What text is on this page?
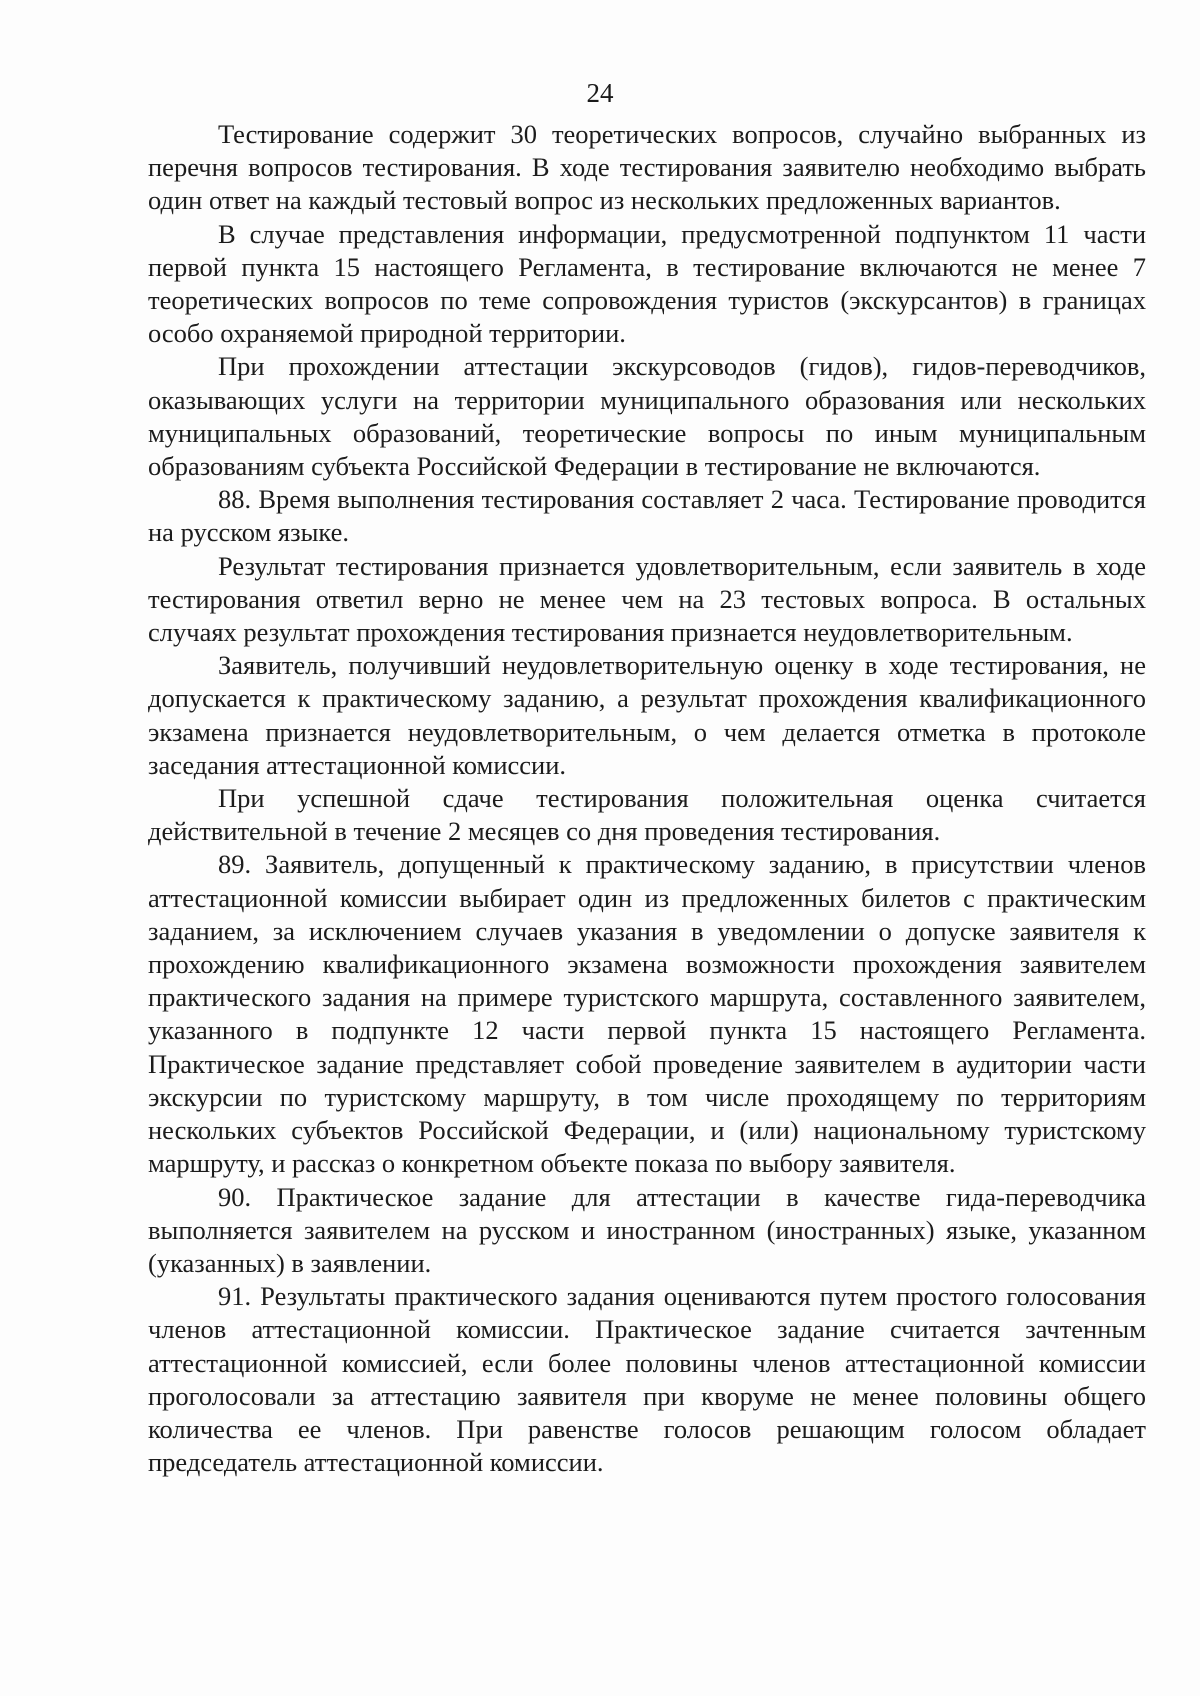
24

Тестирование содержит 30 теоретических вопросов, случайно выбранных из перечня вопросов тестирования. В ходе тестирования заявителю необходимо выбрать один ответ на каждый тестовый вопрос из нескольких предложенных вариантов.

В случае представления информации, предусмотренной подпунктом 11 части первой пункта 15 настоящего Регламента, в тестирование включаются не менее 7 теоретических вопросов по теме сопровождения туристов (экскурсантов) в границах особо охраняемой природной территории.

При прохождении аттестации экскурсоводов (гидов), гидов-переводчиков, оказывающих услуги на территории муниципального образования или нескольких муниципальных образований, теоретические вопросы по иным муниципальным образованиям субъекта Российской Федерации в тестирование не включаются.

88. Время выполнения тестирования составляет 2 часа. Тестирование проводится на русском языке.

Результат тестирования признается удовлетворительным, если заявитель в ходе тестирования ответил верно не менее чем на 23 тестовых вопроса. В остальных случаях результат прохождения тестирования признается неудовлетворительным.

Заявитель, получивший неудовлетворительную оценку в ходе тестирования, не допускается к практическому заданию, а результат прохождения квалификационного экзамена признается неудовлетворительным, о чем делается отметка в протоколе заседания аттестационной комиссии.

При успешной сдаче тестирования положительная оценка считается действительной в течение 2 месяцев со дня проведения тестирования.

89. Заявитель, допущенный к практическому заданию, в присутствии членов аттестационной комиссии выбирает один из предложенных билетов с практическим заданием, за исключением случаев указания в уведомлении о допуске заявителя к прохождению квалификационного экзамена возможности прохождения заявителем практического задания на примере туристского маршрута, составленного заявителем, указанного в подпункте 12 части первой пункта 15 настоящего Регламента. Практическое задание представляет собой проведение заявителем в аудитории части экскурсии по туристскому маршруту, в том числе проходящему по территориям нескольких субъектов Российской Федерации, и (или) национальному туристскому маршруту, и рассказ о конкретном объекте показа по выбору заявителя.

90. Практическое задание для аттестации в качестве гида-переводчика выполняется заявителем на русском и иностранном (иностранных) языке, указанном (указанных) в заявлении.

91. Результаты практического задания оцениваются путем простого голосования членов аттестационной комиссии. Практическое задание считается зачтенным аттестационной комиссией, если более половины членов аттестационной комиссии проголосовали за аттестацию заявителя при кворуме не менее половины общего количества ее членов. При равенстве голосов решающим голосом обладает председатель аттестационной комиссии.
